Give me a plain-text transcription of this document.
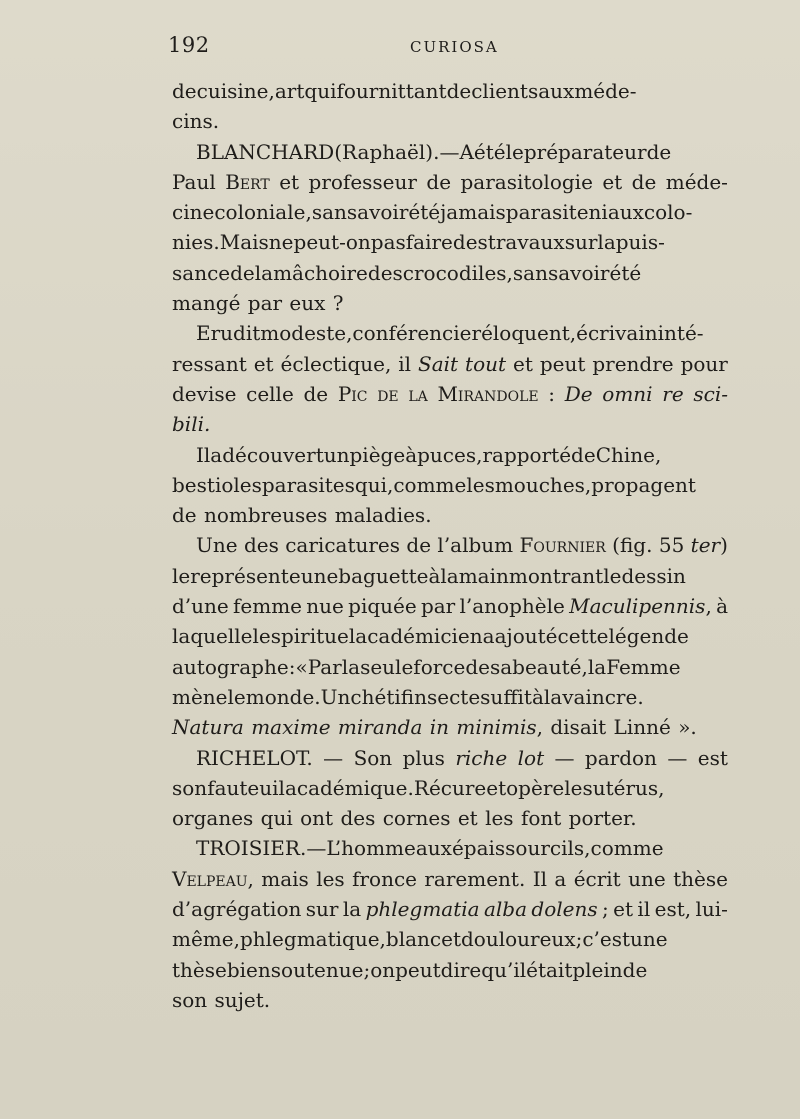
192	CURIOSA
decuisine,artquifournittantdeclientsauxméde-
cins.
BLANCHARD(Raphaël).—Aétélepréparateurde
Paul Bert et professeur de parasitologie et de méde-
cinecoloniale,sansavoirétéjamaisparasiteniauxcolo-
nies.Maisnepeut-onpasfairedestravauxsurlapuis-
sancedelamâchoiredescrocodiles,sansavoirété
mangé par eux ?
Eruditmodeste,conférencieréloquent,écrivaininté-
ressant et éclectique, il Sait tout et peut prendre pour
devise celle de Pic de la Mirandole : De omni re sci-
bili.
Iladécouvertunpiègeàpuces,rapportédeChine,
bestiolesparasitesqui,commelesmouches,propagent
de nombreuses maladies.
Une des caricatures de l’album Fournier (fig. 55 ter)
lereprésenteunebaguetteàlamainmontrantledessin
d’une femme nue piquée par l’anophèle Maculipennis, à
laquellelespirituelacadémicienaajoutécettelégende
autographe:«Parlaseuleforcedesabeauté,laFemme
mènelemonde.Unchétifinsectesuffitàlavaincre.
Natura
maxime
miranda
in
minimis ,
disait
Linné
».
RICHELOT. — Son plus riche lot — pardon — est
sonfauteuilacadémique.Récureetopèrelesutérus,
organes qui ont des cornes et les font porter.
TROISIER.—L’hommeauxépaissourcils,comme
Velpeau, mais les fronce rarement. Il a écrit une thèse
d’agrégation sur la phlegmatia alba dolens ; et il est, lui-
même,phlegmatique,blancetdouloureux;c’estune
thèsebiensoutenue;onpeutdirequ’ilétaitpleinde
son sujet.
